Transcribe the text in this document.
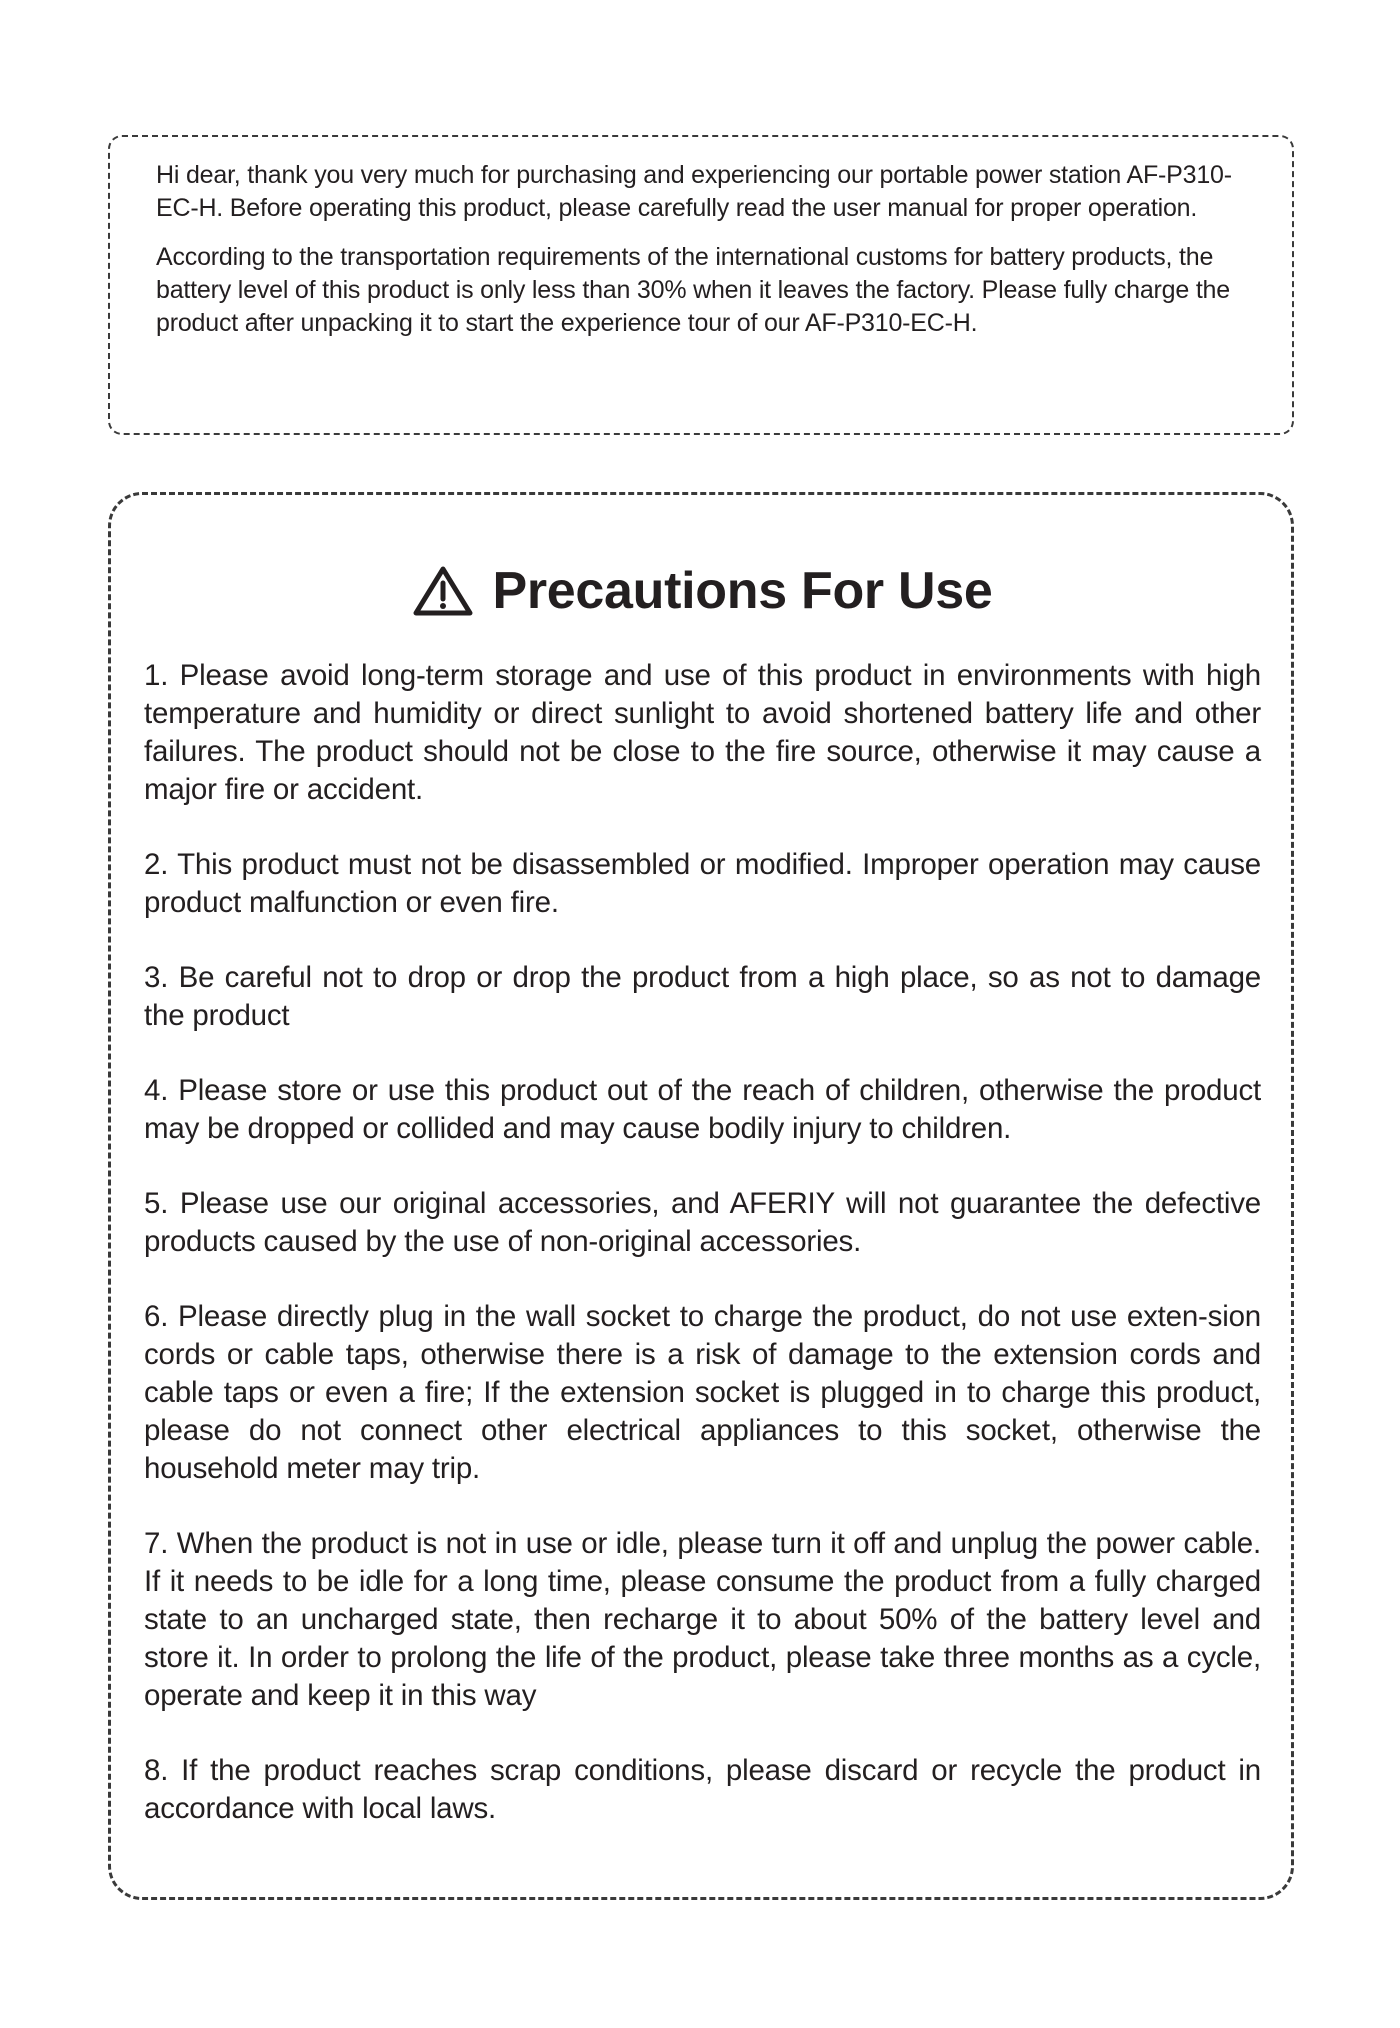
Hi dear, thank you very much for purchasing and experiencing our portable power station AF-P310-EC-H. Before operating this product, please carefully read the user manual for proper operation.

According to the transportation requirements of the international customs for battery products, the battery level of this product is only less than 30% when it leaves the factory. Please fully charge the product after unpacking it to start the experience tour of our AF-P310-EC-H.

Precautions For Use

1. Please avoid long-term storage and use of this product in environments with high temperature and humidity or direct sunlight to avoid shortened battery life and other failures. The product should not be close to the fire source, otherwise it may cause a major fire or accident.

2. This product must not be disassembled or modified. Improper operation may cause product malfunction or even fire.

3. Be careful not to drop or drop the product from a high place, so as not to damage the product

4. Please store or use this product out of the reach of children, otherwise the product may be dropped or collided and may cause bodily injury to children.

5. Please use our original accessories, and AFERIY will not guarantee the defective products caused by the use of non-original accessories.

6. Please directly plug in the wall socket to charge the product, do not use exten-sion cords or cable taps, otherwise there is a risk of damage to the extension cords and cable taps or even a fire; If the extension socket is plugged in to charge this product, please do not connect other electrical appliances to this socket, otherwise the household meter may trip.

7. When the product is not in use or idle, please turn it off and unplug the power cable. If it needs to be idle for a long time, please consume the product from a fully charged state to an uncharged state, then recharge it to about 50% of the battery level and store it. In order to prolong the life of the product, please take three months as a cycle, operate and keep it in this way

8. If the product reaches scrap conditions, please discard or recycle the product in accordance with local laws.
